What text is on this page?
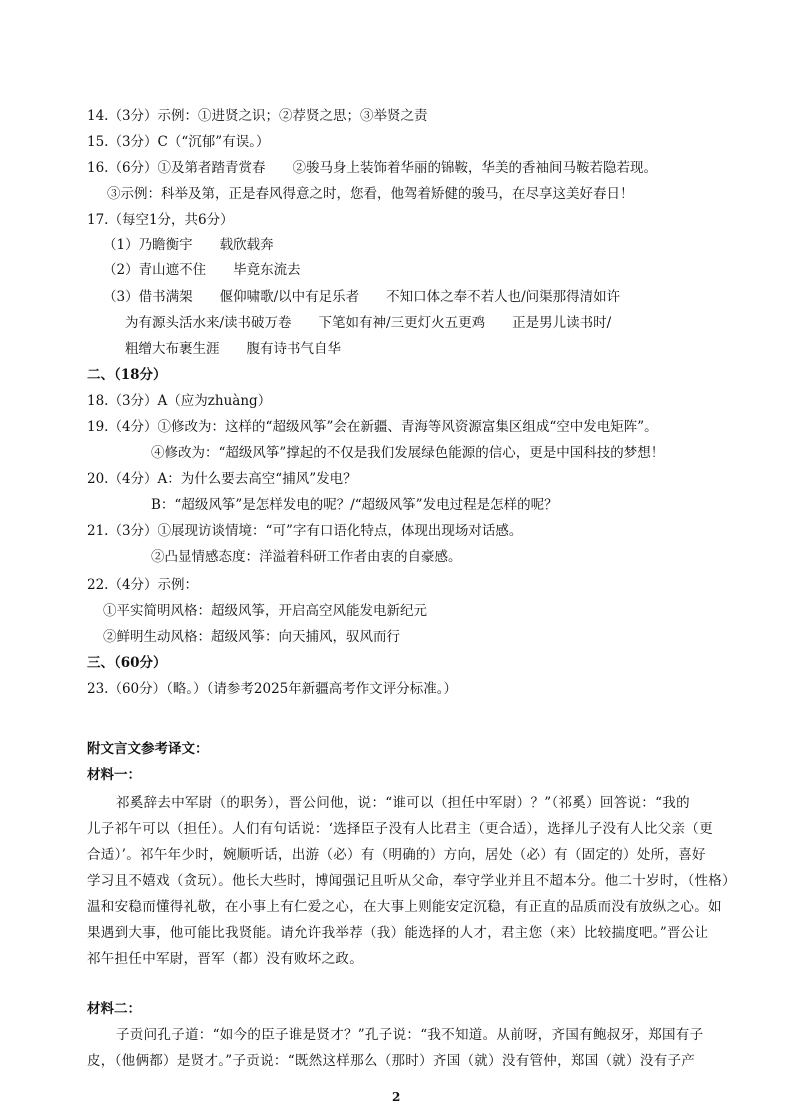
14.（3分）示例：①进贤之识；②荐贤之思；③举贤之责
15.（3分）C（“沉郁”有误。）
16.（6分）①及第者踏青赏春　　②骏马身上装饰着华丽的锦鞍，华美的香袖间马鞍若隐若现。
③示例：科举及第，正是春风得意之时，您看，他驾着矫健的骏马，在尽享这美好春日！
17.（每空1分，共6分）
（1）乃瞻衡宇　　载欣载奔
（2）青山遮不住　　毕竟东流去
（3）借书满架　　偃仰啸歌/以中有足乐者　　不知口体之奉不若人也/问渠那得清如许
为有源头活水来/读书破万卷　　下笔如有神/三更灯火五更鸡　　正是男儿读书时/
粗缯大布裹生涯　　腹有诗书气自华
二、（18分）
18.（3分）A（应为zhuàng）
19.（4分）①修改为：这样的“超级风筝”会在新疆、青海等风资源富集区组成“空中发电矩阵”。
④修改为：“超级风筝”撑起的不仅是我们发展绿色能源的信心，更是中国科技的梦想！
20.（4分）A：为什么要去高空“捕风”发电？
B：“超级风筝”是怎样发电的呢？/“超级风筝”发电过程是怎样的呢？
21.（3分）①展现访谈情境：“可”字有口语化特点，体现出现场对话感。
②凸显情感态度：洋溢着科研工作者由衷的自豪感。
22.（4分）示例：
①平实简明风格：超级风筝，开启高空风能发电新纪元
②鲜明生动风格：超级风筝：向天捕风，驭风而行
三、（60分）
23.（60分）（略。）（请参考2025年新疆高考作文评分标准。）
附文言文参考译文：
材料一：
祁奚辞去中军尉（的职务），晋公问他，说：“谁可以（担任中军尉）？”（祁奚）回答说：“我的
儿子祁午可以（担任）。人们有句话说：‘选择臣子没有人比君主（更合适），选择儿子没有人比父亲（更
合适）’。祁午年少时，婉顺听话，出游（必）有（明确的）方向，居处（必）有（固定的）处所，喜好
学习且不嬉戏（贪玩）。他长大些时，博闻强记且听从父命，奉守学业并且不超本分。他二十岁时，（性格）
温和安稳而懂得礼敬，在小事上有仁爱之心，在大事上则能安定沉稳，有正直的品质而没有放纵之心。如
果遇到大事，他可能比我贤能。请允许我举荐（我）能选择的人才，君主您（来）比较揣度吧。”晋公让
祁午担任中军尉，晋军（都）没有败坏之政。
材料二：
子贡问孔子道：“如今的臣子谁是贤才？”孔子说：“我不知道。从前呀，齐国有鲍叔牙，郑国有子
皮，（他俩都）是贤才。”子贡说：“既然这样那么（那时）齐国（就）没有管仲，郑国（就）没有子产
2
